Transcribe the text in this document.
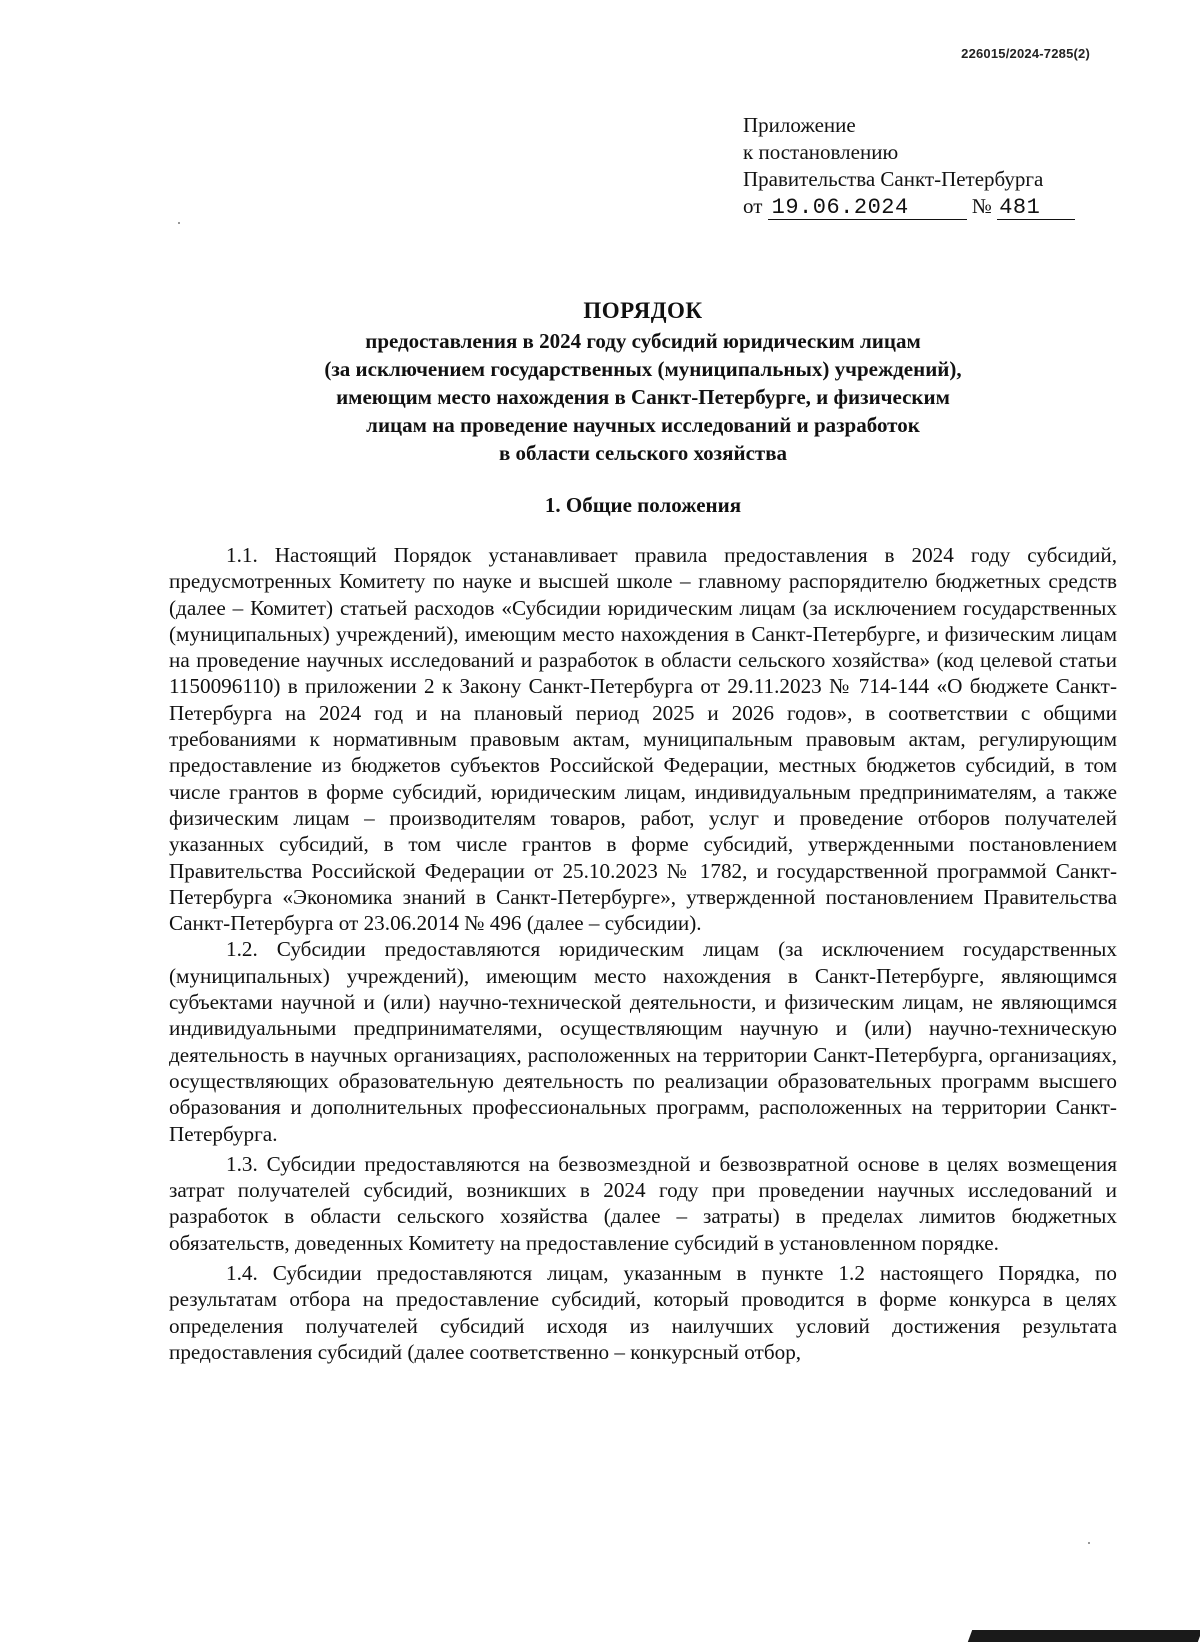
226015/2024-7285(2)
Приложение
к постановлению
Правительства Санкт-Петербурга
от 19.06.2024	№ 481
ПОРЯДОК
предоставления в 2024 году субсидий юридическим лицам
(за исключением государственных (муниципальных) учреждений),
имеющим место нахождения в Санкт-Петербурге, и физическим
лицам на проведение научных исследований и разработок
в области сельского хозяйства
1. Общие положения

1.1. Настоящий Порядок устанавливает правила предоставления в 2024 году субсидий, предусмотренных Комитету по науке и высшей школе – главному распорядителю бюджетных средств (далее – Комитет) статьей расходов «Субсидии юридическим лицам (за исключением государственных (муниципальных) учреждений), имеющим место нахождения в Санкт-Петербурге, и физическим лицам на проведение научных исследований и разработок в области сельского хозяйства» (код целевой статьи 1150096110) в приложении 2 к Закону Санкт-Петербурга от 29.11.2023 № 714-144 «О бюджете Санкт-Петербурга на 2024 год и на плановый период 2025 и 2026 годов», в соответствии с общими требованиями к нормативным правовым актам, муниципальным правовым актам, регулирующим предоставление из бюджетов субъектов Российской Федерации, местных бюджетов субсидий, в том числе грантов в форме субсидий, юридическим лицам, индивидуальным предпринимателям, а также физическим лицам – производителям товаров, работ, услуг и проведение отборов получателей указанных субсидий, в том числе грантов в форме субсидий, утвержденными постановлением Правительства Российской Федерации от 25.10.2023 № 1782, и государственной программой Санкт-Петербурга «Экономика знаний в Санкт-Петербурге», утвержденной постановлением Правительства Санкт-Петербурга от 23.06.2014 № 496 (далее – субсидии).

1.2. Субсидии предоставляются юридическим лицам (за исключением государственных (муниципальных) учреждений), имеющим место нахождения в Санкт-Петербурге, являющимся субъектами научной и (или) научно-технической деятельности, и физическим лицам, не являющимся индивидуальными предпринимателями, осуществляющим научную и (или) научно-техническую деятельность в научных организациях, расположенных на территории Санкт-Петербурга, организациях, осуществляющих образовательную деятельность по реализации образовательных программ высшего образования и дополнительных профессиональных программ, расположенных на территории Санкт-Петербурга.

1.3. Субсидии предоставляются на безвозмездной и безвозвратной основе в целях возмещения затрат получателей субсидий, возникших в 2024 году при проведении научных исследований и разработок в области сельского хозяйства (далее – затраты) в пределах лимитов бюджетных обязательств, доведенных Комитету на предоставление субсидий в установленном порядке.

1.4. Субсидии предоставляются лицам, указанным в пункте 1.2 настоящего Порядка, по результатам отбора на предоставление субсидий, который проводится в форме конкурса в целях определения получателей субсидий исходя из наилучших условий достижения результата предоставления субсидий (далее соответственно – конкурсный отбор,
